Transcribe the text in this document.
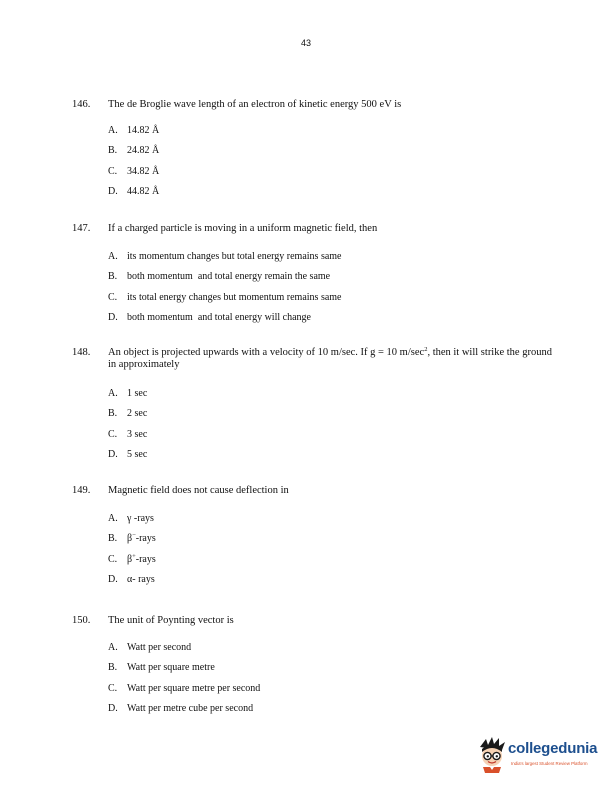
43
146.	The de Broglie wave length of an electron of kinetic energy 500 eV is
A. 14.82 Å
B. 24.82 Å
C. 34.82 Å
D. 44.82 Å
147.	If a charged particle is moving in a uniform magnetic field, then
A. its momentum changes but total energy remains same
B. both momentum  and total energy remain the same
C. its total energy changes but momentum remains same
D. both momentum  and total energy will change
148.	An object is projected upwards with a velocity of 10 m/sec. If g = 10 $m/\sec^2$, then it will strike the ground in approximately
A. 1 sec
B. 2 sec
C. 3 sec
D. 5 sec
149.	Magnetic field does not cause deflection in
A. γ -rays
B. β−-rays
C. β+-rays
D. α- rays
150.	The unit of Poynting vector is
A. Watt per second
B. Watt per square metre
C. Watt per square metre per second
D. Watt per metre cube per second
collegedunia
India's largest Student Review Platform
